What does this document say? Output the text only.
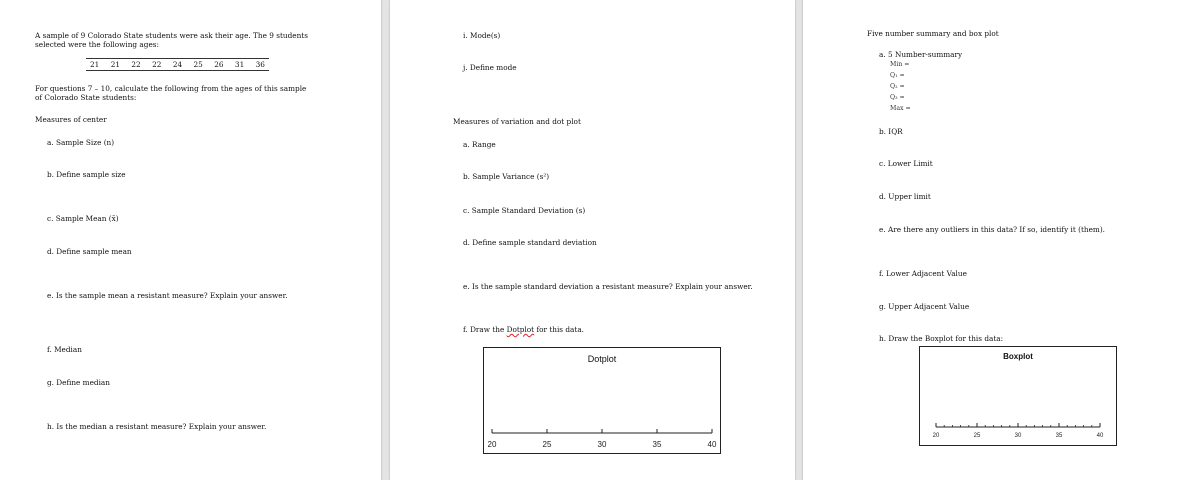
A sample of 9 Colorado State students were ask their age. The 9 students selected were the following ages:
21 21 22 22 24 25 26 31 36
For questions 7 – 10, calculate the following from the ages of this sample of Colorado State students:
Measures of center
a. Sample Size (n)
b. Define sample size
c. Sample Mean (x̄)
d. Define sample mean
e. Is the sample mean a resistant measure? Explain your answer.
f. Median
g. Define median
h. Is the median a resistant measure? Explain your answer.
i. Mode(s)
j. Define mode
Measures of variation and dot plot
a. Range
b. Sample Variance (s²)
c. Sample Standard Deviation (s)
d. Define sample standard deviation
e. Is the sample standard deviation a resistant measure? Explain your answer.
f. Draw the Dotplot for this data.
Dotplot
20	25	30	35	40
Five number summary and box plot
a. 5 Number-summary
Min =
Q₁ =
Q₂ =
Q₃ =
Max =
b. IQR
c. Lower Limit
d. Upper limit
e. Are there any outliers in this data? If so, identify it (them).
f. Lower Adjacent Value
g. Upper Adjacent Value
h. Draw the Boxplot for this data:
Boxplot
20	25	30	35	40
